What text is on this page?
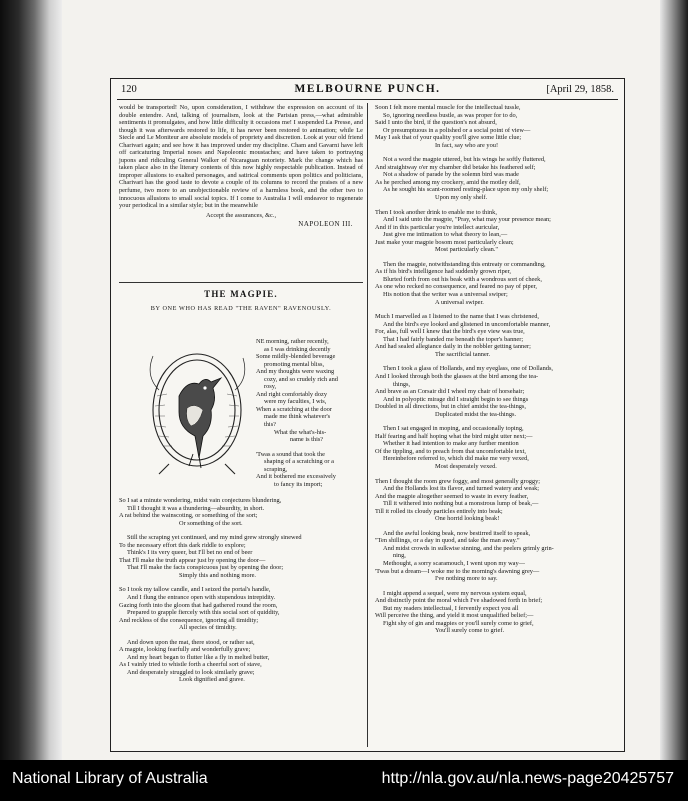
120	MELBOURNE PUNCH.	[April 29, 1858.

would be transported! No, upon consideration, I withdraw the expression on account of its double entendre. And, talking of journalism, look at the Parisian press,—what admirable sentiments it promulgates, and how little difficulty it occasions me! I suspended La Presse, and though it was afterwards restored to life, it has never been restored to animation; while Le Siecle and Le Moniteur are absolute models of propriety and discretion. Look at your old friend Charivari again; and see how it has improved under my discipline. Cham and Gavarni have left off caricaturing Imperial noses and Napoleonic moustaches; and have taken to portraying jupons and ridiculing General Walker of Nicaraguan notoriety. Mark the change which has taken place also in the literary contents of this now highly respectable publication. Instead of improper allusions to exalted personages, and satirical comments upon politics and politicians, Charivari has the good taste to devote a couple of its columns to record the praises of a new perfume, two more to an unobjectionable review of a harmless book, and the other two to innocuous allusions to small social topics. If I come to Australia I will endeavor to regenerate your periodical in a similar style; but in the meanwhile

Accept the assurances, &c.,

NAPOLEON III.

THE MAGPIE.

BY ONE WHO HAS READ "THE RAVEN" RAVENOUSLY.

NE morning, rather recently,

as I was drinking decently

Some mildly-blended beverage

promoting mental bliss,

And my thoughts were waxing

cozy, and so crudely rich and

rosy,

And right comfortably dozy

were my faculties, I wis,

When a scratching at the door

made me think whatever's

this?

What the what's-his-

name is this?

'Twas a sound that took the

shaping of a scratching or a

scraping,

And it bothered me excessively

to fancy its import;

So I sat a minute wondering, midst vain conjectures blundering,

Till I thought it was a thundering—absurdity, in short.

A rat behind the wainscoting, or something of the sort;

Or something of the sort.

Still the scraping yet continued, and my mind grew strongly sinewed

To the necessary effort this dark riddle to explore;

Think's I its very queer, but I'll bet no end of beer

That I'll make the truth appear just by opening the door—

That I'll make the facts conspicuous just by opening the door;

Simply this and nothing more.

So I took my tallow candle, and I seized the portal's handle,

And I flung the entrance open with stupendous intrepidity.

Gazing forth into the gloom that had gathered round the room,

Prepared to grapple fiercely with this social sort of quiddity,

And reckless of the consequence, ignoring all timidity;

All species of timidity.

And down upon the mat, there stood, or rather sat,

A magpie, looking fearfully and wonderfully grave;

And my heart began to flutter like a fly in melted butter,

As I vainly tried to whistle forth a cheerful sort of stave,

And desperately struggled to look similarly grave;

Look dignified and grave.

Soon I felt more mental muscle for the intellectual tussle,

So, ignoring needless bustle, as was proper for to do,

Said I unto the bird, if the question's not absurd,

Or presumptuous in a polished or a social point of view—

May I ask that of your quality you'll give some little clue;

In fact, say who are you!

Not a word the magpie uttered, but his wings he softly fluttered,

And straightway o'er my chamber did betake his feathered self;

Not a shadow of parade by the solemn bird was made

As he perched among my crockery, amid the motley delf,

As he sought his scant-roomed resting-place upon my only shelf;

Upon my only shelf.

Then I took another drink to enable me to think,

And I said unto the magpie, "Pray, what may your presence mean;

And if in this particular you're intellect auricular,

Just give me intimation to what theory to lean,—

Just make your magpie bosom most particularly clean;

Most particularly clean."

Then the magpie, notwithstanding this entreaty or commanding,

As if his bird's intelligence had suddenly grown riper,

Blurted forth from out his beak with a wondrous sort of cheek,

As one who recked no consequence, and feared no pay of piper,

His notion that the writer was a universal swiper;

A universal swiper.

Much I marvelled as I listened to the name that I was christened,

And the bird's eye looked and glistened in uncomfortable manner,

For, alas, full well I knew that the bird's eye view was true,

That I had fairly banded me beneath the toper's banner;

And had sealed allegiance daily in the nobbler getting tanner;

The sacrificial tanner.

Then I took a glass of Hollands, and my eyeglass, one of Dollands,

And I looked through both the glasses at the bird among the tea-

things,

And brave as an Corsair did I wheel my chair of horsehair;

And in polyoptic mirage did I straight begin to see things

Doubled in all directions, but in chief amidst the tea-things,

Duplicated midst the tea-things.

Then I sat engaged in moping, and occasionally toping,

Half fearing and half hoping what the bird might utter next;—

Whether it had intention to make any further mention

Of the tippling, and to preach from that uncomfortable text,

Hereinbefore referred to, which did make me very vexed,

Most desperately vexed.

Then I thought the room grew foggy, and most generally groggy;

And the Hollands lost its flavor, and turned watery and weak;

And the magpie altogether seemed to waste in every feather,

Till it withered into nothing but a monstrous lump of beak,—

Till it rolled its cloudy particles entirely into beak;

One horrid looking beak!

And the awful looking beak, now bestirred itself to speak,

"Ten shillings, or a day in quod, and take the man away."

And midst crowds in sulkwise sinning, and the peelers grimly grin-

ning,

Methought, a sorry scaramouch, I went upon my way—

'Twas but a dream—I woke me to the morning's dawning grey—

I've nothing more to say.

I might append a sequel, were my nervous system equal,

And distinctly point the moral which I've shadowed forth in brief;

But my readers intellectual, I fervently expect you all

Will perceive the thing, and yield it most unqualified belief;—

Fight shy of gin and magpies or you'll surely come to grief,

You'll surely come to grief.

National Library of Australia	http://nla.gov.au/nla.news-page20425757
